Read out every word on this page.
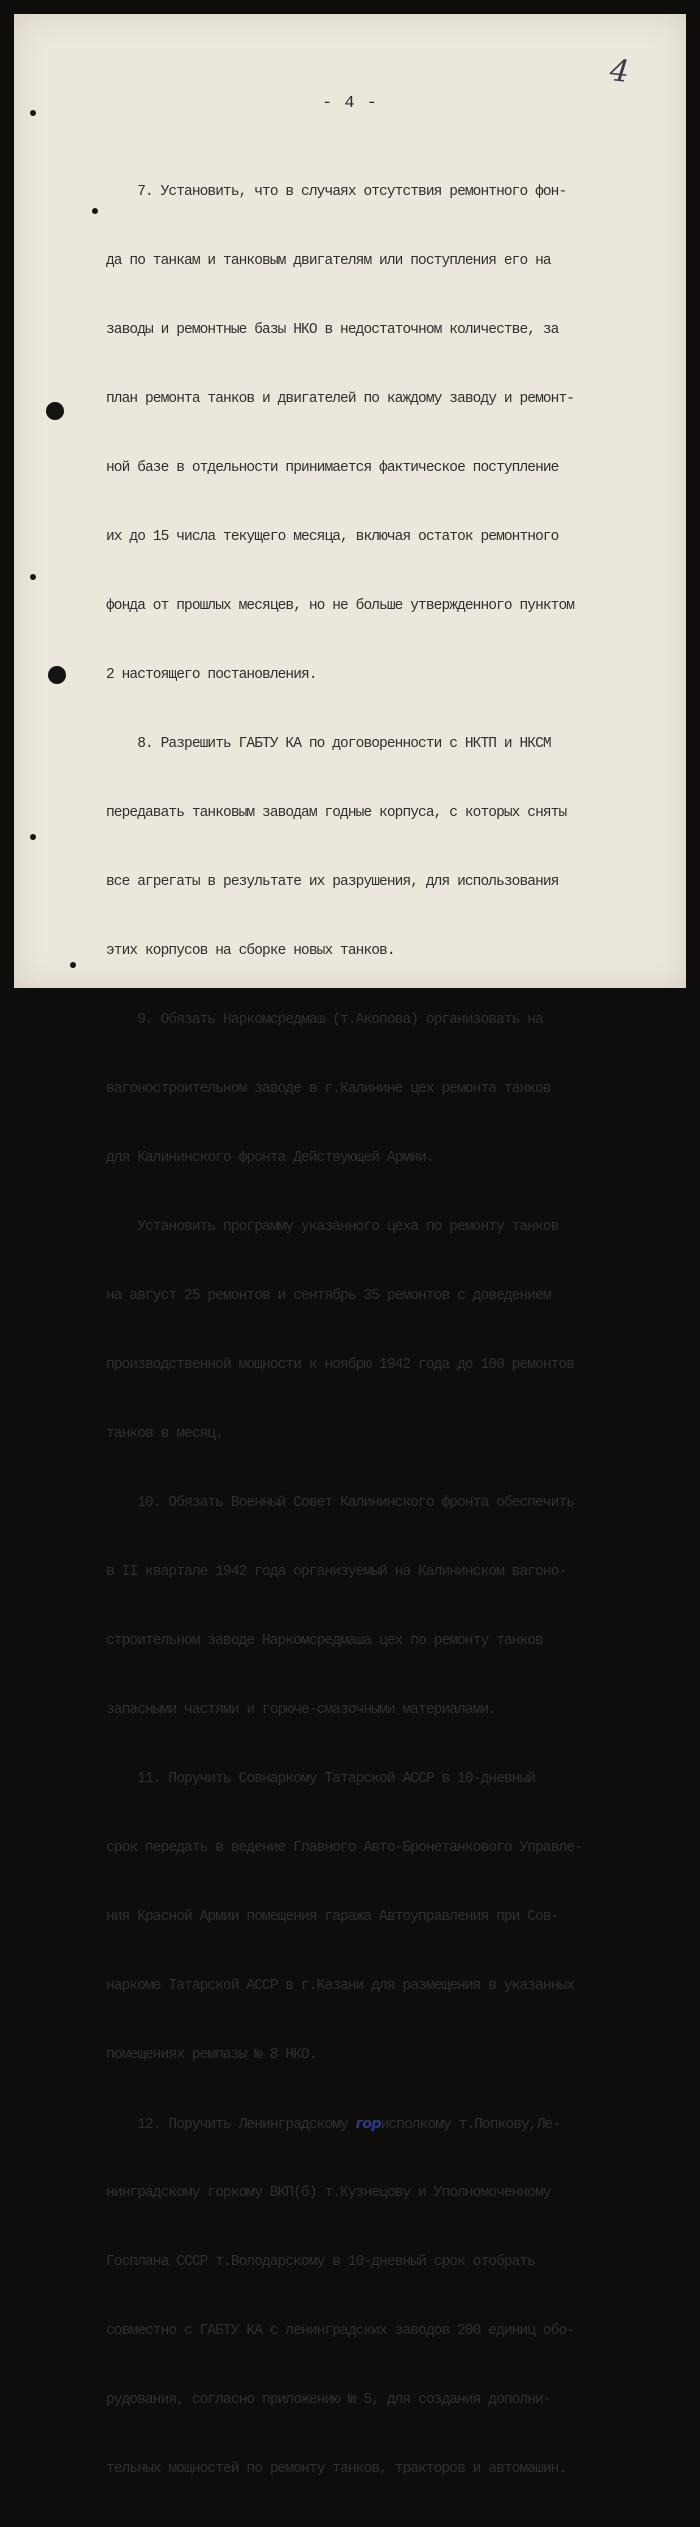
4
- 4 -

7. Установить, что в случаях отсутствия ремонтного фон-

да по танкам и танковым двигателям или поступления его на

заводы и ремонтные базы НКО в недостаточном количестве, за

план ремонта танков и двигателей по каждому заводу и ремонт-

ной базе в отдельности принимается фактическое поступление

их до 15 числа текущего месяца, включая остаток ремонтного

фонда от прошлых месяцев, но не больше утвержденного пунктом

2 настоящего постановления.

8. Разрешить ГАБТУ КА по договоренности с НКТП и НКСМ

передавать танковым заводам годные корпуса, с которых сняты

все агрегаты в результате их разрушения, для использования

этих корпусов на сборке новых танков.

9. Обязать Наркомсредмаш (т.Акопова) организовать на

вагоностроительном заводе в г.Калинине цех ремонта танков

для Калининского фронта Действующей Армии.

Установить программу указанного цеха по ремонту танков

на август 25 ремонтов и сентябрь 35 ремонтов с доведением

производственной мощности к ноябрю 1942 года до 100 ремонтов

танков в месяц.

10. Обязать Военный Совет Калининского фронта обеспечить

в II квартале 1942 года организуемый на Калининском вагоно-

строительном заводе Наркомсредмаша цех по ремонту танков

запасными частями и горюче-смазочными материалами.

11. Поручить Совнаркому Татарской АССР в 10-дневный

срок передать в ведение Главного Авто-Бронетанкового Управле-

ния Красной Армии помещения гаража Автоуправления при Сов-

наркоме Татарской АССР в г.Казани для размещения в указанных

помещениях ремпазы № 8 НКО.

12. Поручить Ленинградскому горисполкому т.Попкову,Ле-

нинградскому горкому ВКП(б) т.Кузнецову и Уполномоченному

Госплана СССР т.Володарскому в 10-дневный срок отобрать

совместно с ГАБТУ КА с ленинградских заводов 200 единиц обо-

рудования, согласно приложению № 5, для создания дополни-

тельных мощностей по ремонту танков, тракторов и автомашин.
